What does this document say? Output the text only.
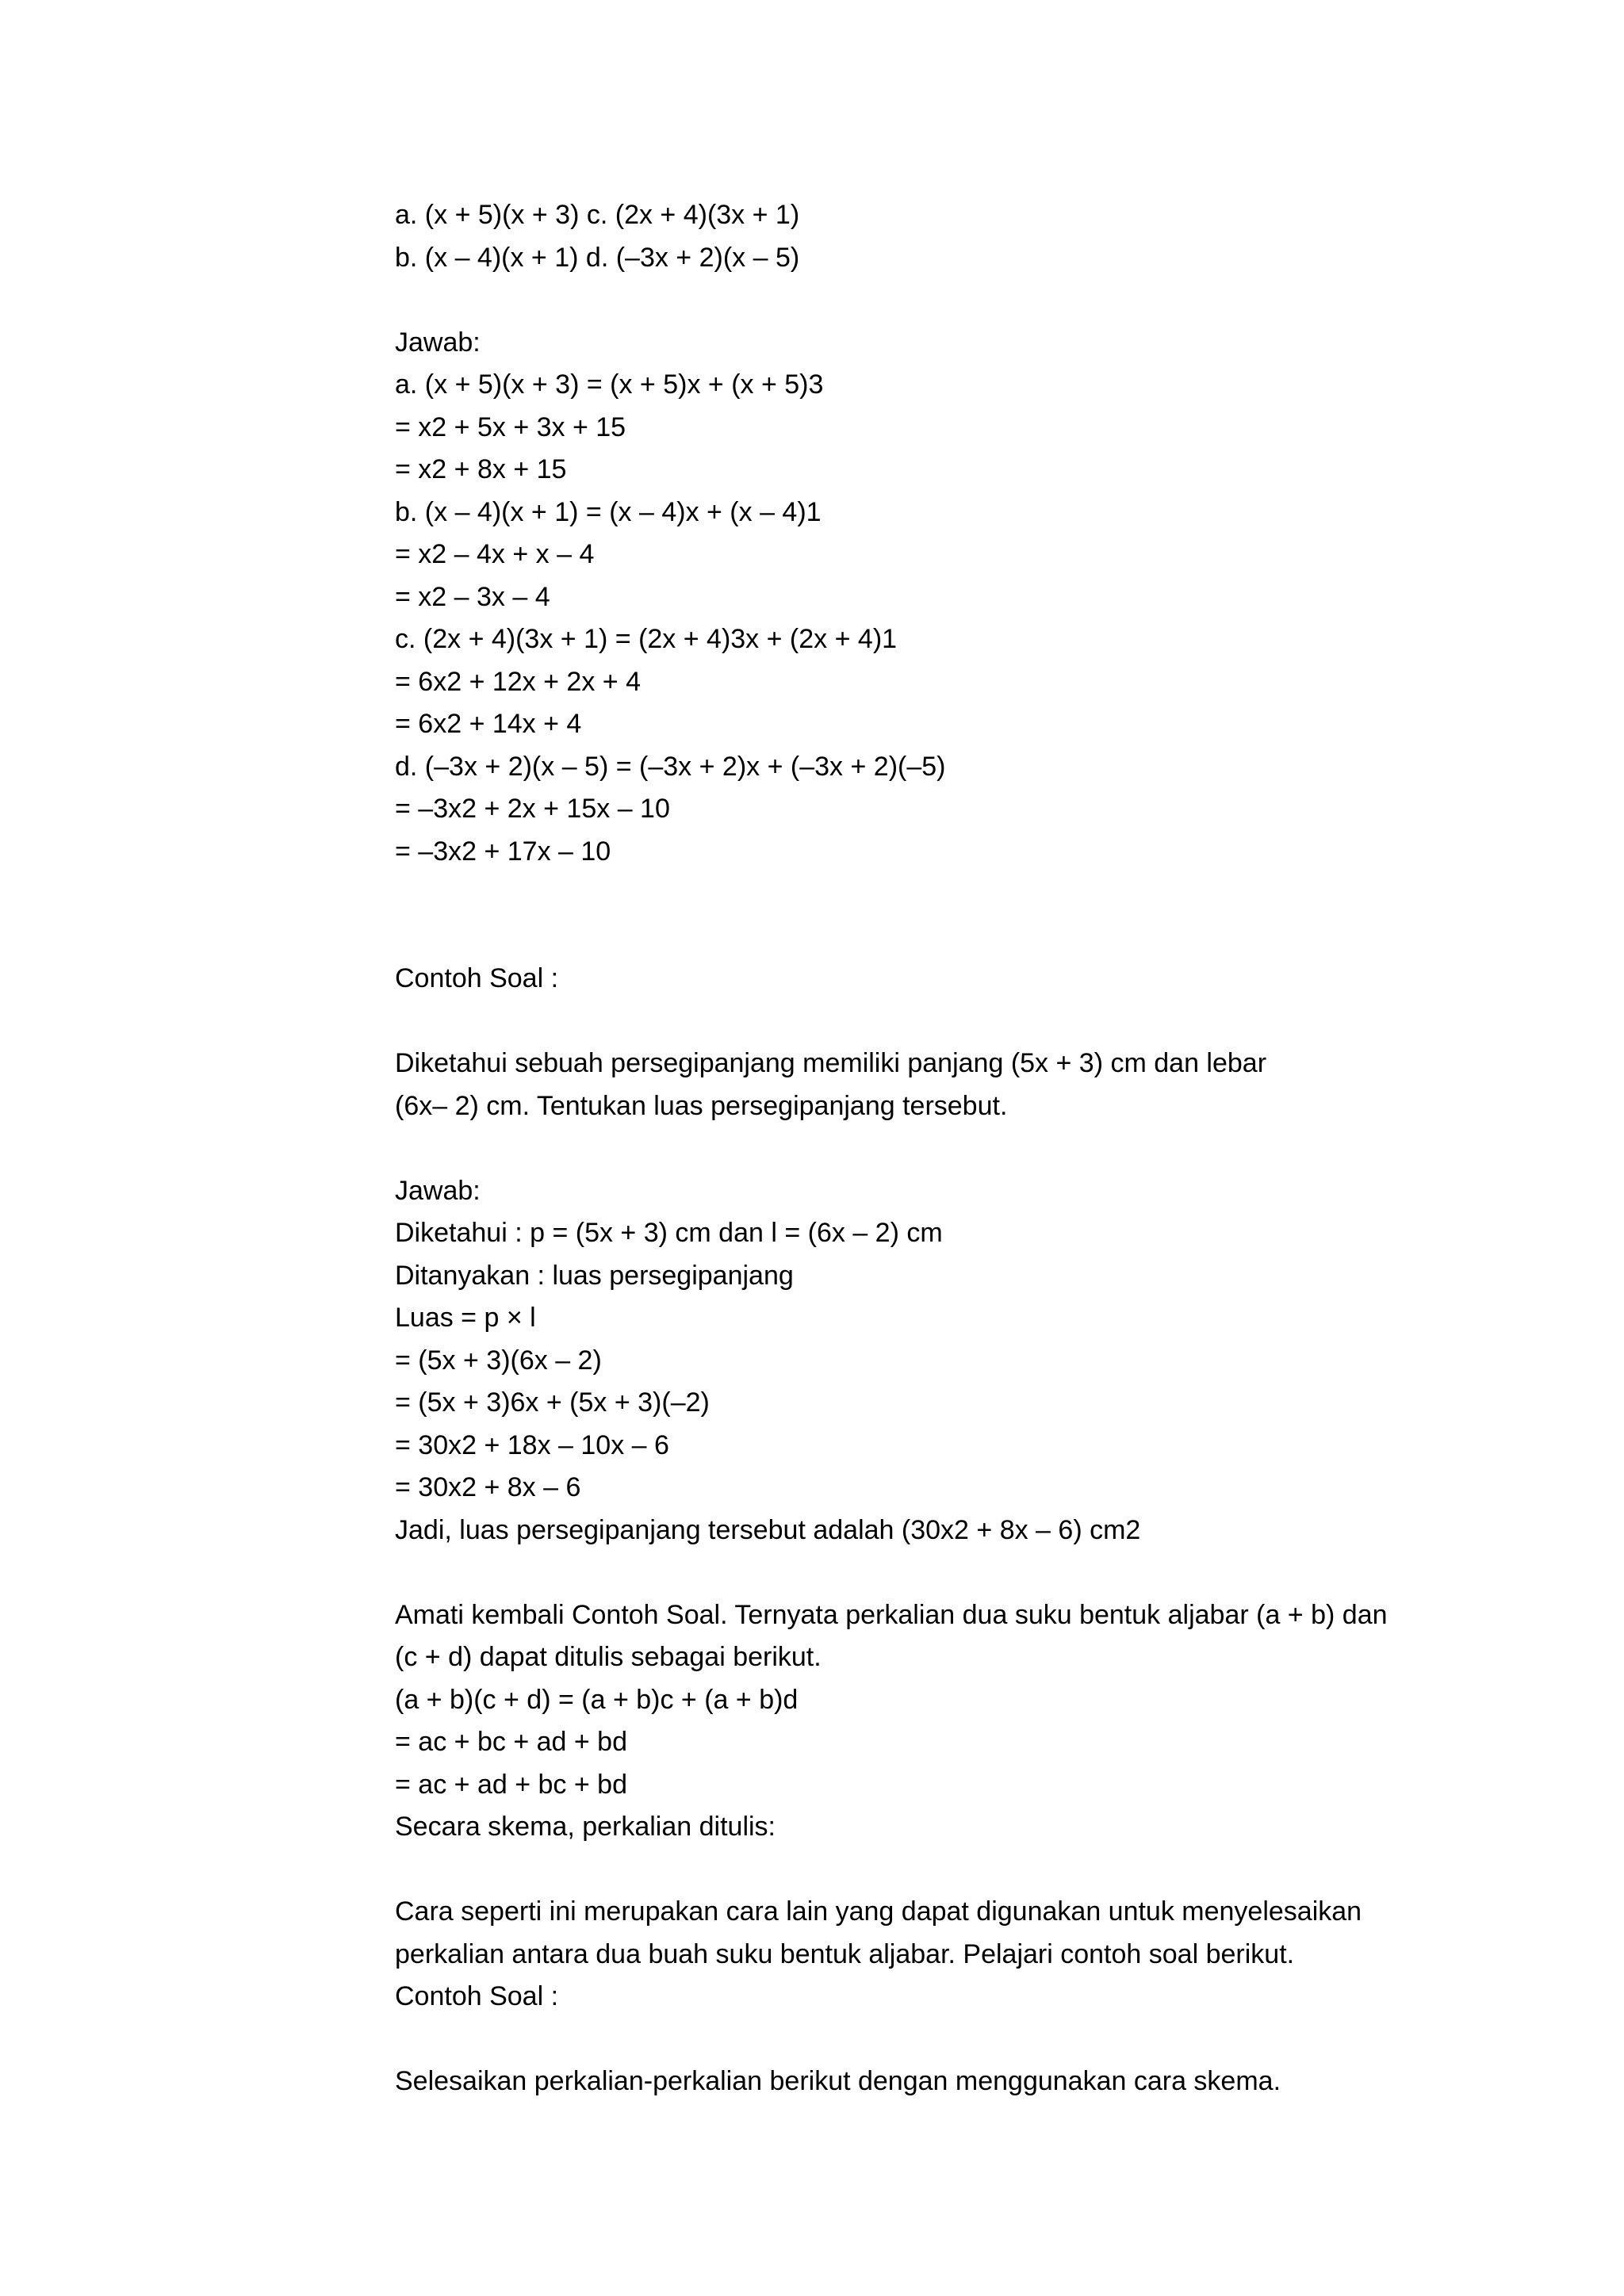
a. (x + 5)(x + 3) c. (2x + 4)(3x + 1)
b. (x – 4)(x + 1) d. (–3x + 2)(x – 5)
Jawab:
a. (x + 5)(x + 3) = (x + 5)x + (x + 5)3
= x2 + 5x + 3x + 15
= x2 + 8x + 15
b. (x – 4)(x + 1) = (x – 4)x + (x – 4)1
= x2 – 4x + x – 4
= x2 – 3x – 4
c. (2x + 4)(3x + 1) = (2x + 4)3x + (2x + 4)1
= 6x2 + 12x + 2x + 4
= 6x2 + 14x + 4
d. (–3x + 2)(x – 5) = (–3x + 2)x + (–3x + 2)(–5)
= –3x2 + 2x + 15x – 10
= –3x2 + 17x – 10
Contoh Soal :
Diketahui sebuah persegipanjang memiliki panjang (5x + 3) cm dan lebar
(6x– 2) cm. Tentukan luas persegipanjang tersebut.
Jawab:
Diketahui : p = (5x + 3) cm dan l = (6x – 2) cm
Ditanyakan : luas persegipanjang
Luas = p × l
= (5x + 3)(6x – 2)
= (5x + 3)6x + (5x + 3)(–2)
= 30x2 + 18x – 10x – 6
= 30x2 + 8x – 6
Jadi, luas persegipanjang tersebut adalah (30x2 + 8x – 6) cm2
Amati kembali Contoh Soal. Ternyata perkalian dua suku bentuk aljabar (a + b) dan
(c + d) dapat ditulis sebagai berikut.
(a + b)(c + d) = (a + b)c + (a + b)d
= ac + bc + ad + bd
= ac + ad + bc + bd
Secara skema, perkalian ditulis:
Cara seperti ini merupakan cara lain yang dapat digunakan untuk menyelesaikan
perkalian antara dua buah suku bentuk aljabar. Pelajari contoh soal berikut.
Contoh Soal :
Selesaikan perkalian-perkalian berikut dengan menggunakan cara skema.
